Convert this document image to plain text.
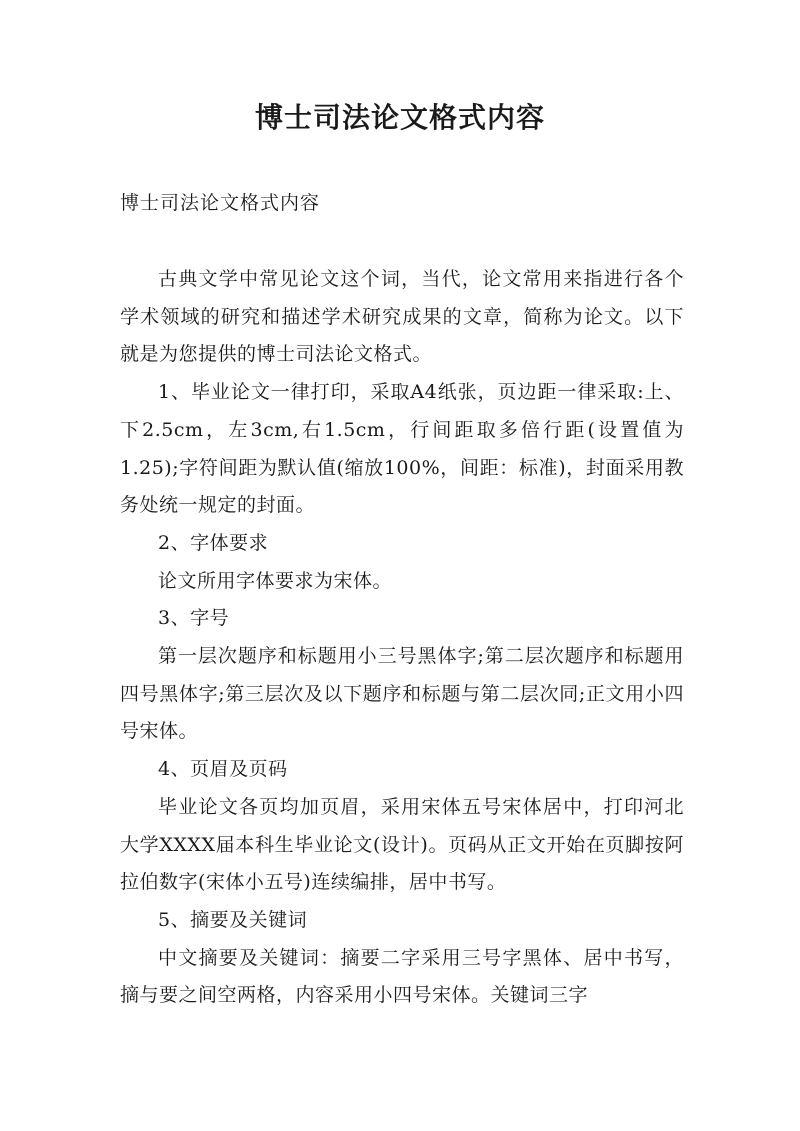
博士司法论文格式内容

博士司法论文格式内容

古典文学中常见论文这个词，当代，论文常用来指进行各个学术领域的研究和描述学术研究成果的文章，简称为论文。以下就是为您提供的博士司法论文格式。

1、毕业论文一律打印，采取A4纸张，页边距一律采取:上、下2.5cm，左3cm,右1.5cm，行间距取多倍行距(设置值为1.25);字符间距为默认值(缩放100%，间距：标准)，封面采用教务处统一规定的封面。

2、字体要求

论文所用字体要求为宋体。

3、字号

第一层次题序和标题用小三号黑体字;第二层次题序和标题用四号黑体字;第三层次及以下题序和标题与第二层次同;正文用小四号宋体。

4、页眉及页码

毕业论文各页均加页眉，采用宋体五号宋体居中，打印河北大学XXXX届本科生毕业论文(设计)。页码从正文开始在页脚按阿拉伯数字(宋体小五号)连续编排，居中书写。

5、摘要及关键词

中文摘要及关键词：摘要二字采用三号字黑体、居中书写，摘与要之间空两格，内容采用小四号宋体。关键词三字
